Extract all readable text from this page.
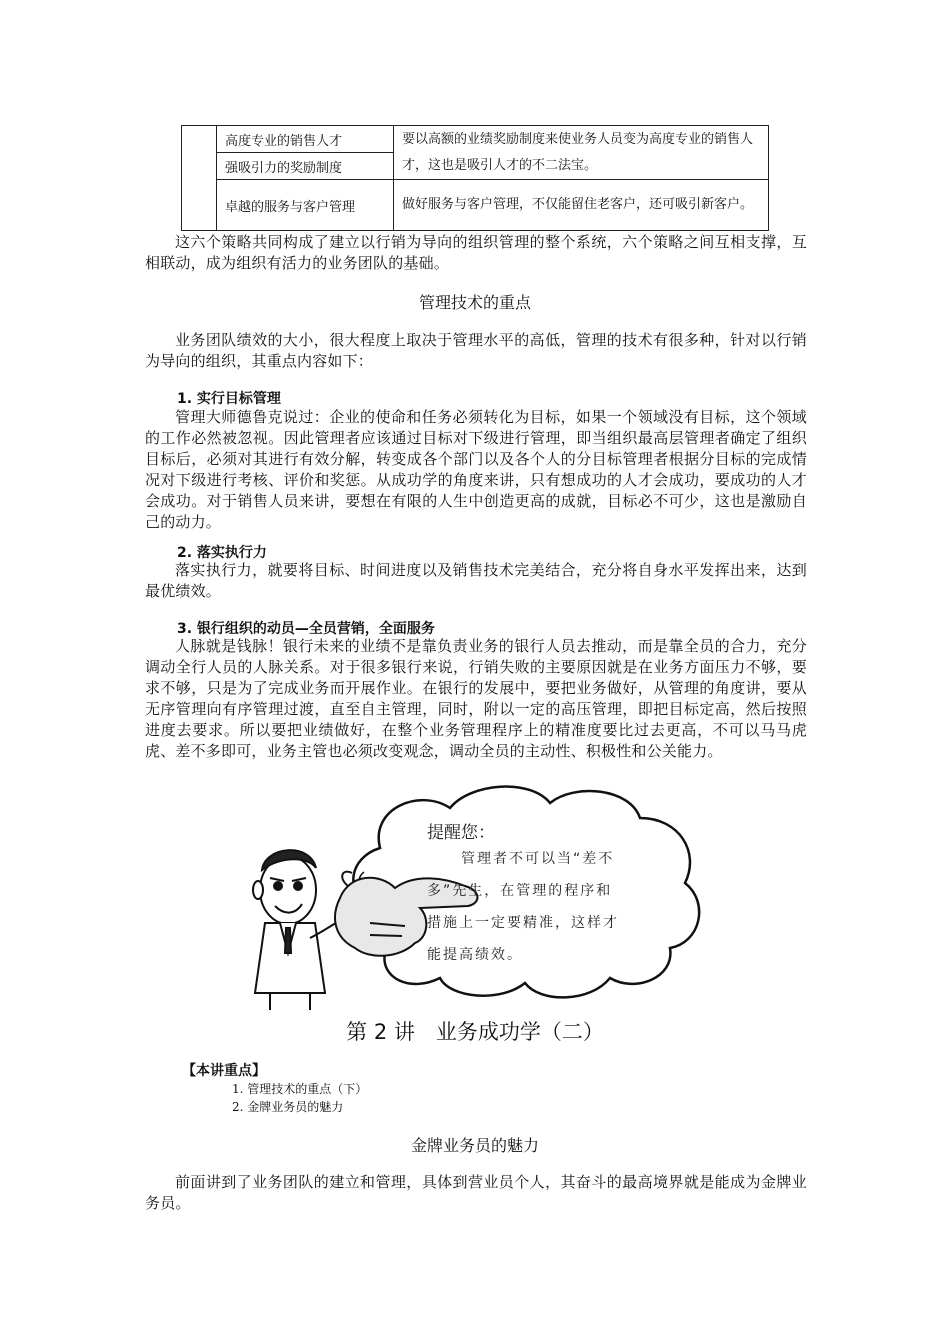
	高度专业的销售人才	要以高额的业绩奖励制度来使业务人员变为高度专业的销售人才，这也是吸引人才的不二法宝。
	强吸引力的奖励制度	
	卓越的服务与客户管理	做好服务与客户管理，不仅能留住老客户，还可吸引新客户。

这六个策略共同构成了建立以行销为导向的组织管理的整个系统，六个策略之间互相支撑，互相联动，成为组织有活力的业务团队的基础。

管理技术的重点

业务团队绩效的大小，很大程度上取决于管理水平的高低，管理的技术有很多种，针对以行销为导向的组织，其重点内容如下：

1. 实行目标管理

管理大师德鲁克说过：企业的使命和任务必须转化为目标，如果一个领域没有目标，这个领域的工作必然被忽视。因此管理者应该通过目标对下级进行管理，即当组织最高层管理者确定了组织目标后，必须对其进行有效分解，转变成各个部门以及各个人的分目标管理者根据分目标的完成情况对下级进行考核、评价和奖惩。从成功学的角度来讲，只有想成功的人才会成功，要成功的人才会成功。对于销售人员来讲，要想在有限的人生中创造更高的成就，目标必不可少，这也是激励自己的动力。

2. 落实执行力

落实执行力，就要将目标、时间进度以及销售技术完美结合，充分将自身水平发挥出来，达到最优绩效。

3. 银行组织的动员—全员营销，全面服务

人脉就是钱脉！银行未来的业绩不是靠负责业务的银行人员去推动，而是靠全员的合力，充分调动全行人员的人脉关系。对于很多银行来说，行销失败的主要原因就是在业务方面压力不够，要求不够，只是为了完成业务而开展作业。在银行的发展中，要把业务做好，从管理的角度讲，要从无序管理向有序管理过渡，直至自主管理，同时，附以一定的高压管理，即把目标定高，然后按照进度去要求。所以要把业绩做好，在整个业务管理程序上的精准度要比过去更高，不可以马马虎虎、差不多即可，业务主管也必须改变观念，调动全员的主动性、积极性和公关能力。

提醒您：
管理者不可以当“差不
多”先生，在管理的程序和
措施上一定要精准，这样才
能提高绩效。
第 2 讲　业务成功学（二）
【本讲重点】
1. 管理技术的重点（下）
2. 金牌业务员的魅力
金牌业务员的魅力

前面讲到了业务团队的建立和管理，具体到营业员个人，其奋斗的最高境界就是能成为金牌业务员。
